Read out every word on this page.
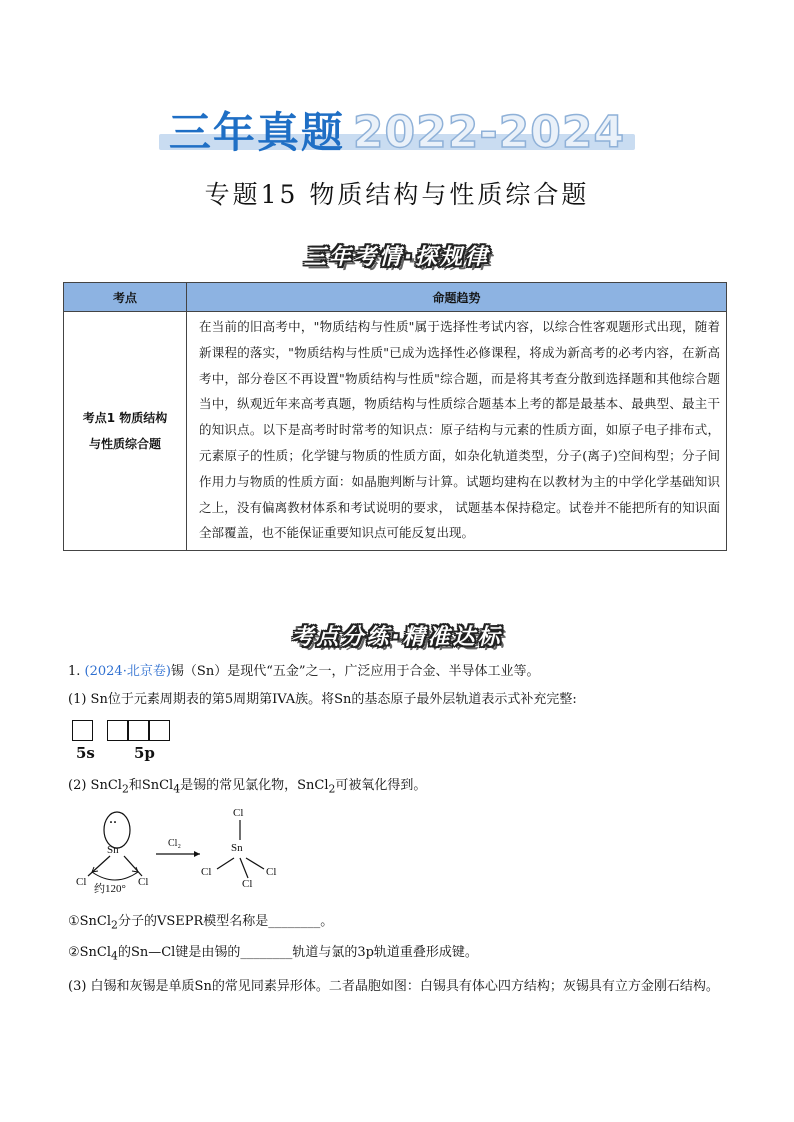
三年真题 2022-2024
专题15 物质结构与性质综合题
三年考情·探规律
考点	命题趋势

考点1 物质结构
与性质综合题	在当前的旧高考中，"物质结构与性质"属于选择性考试内容，以综合性客观题形式出现，随着新课程的落实，"物质结构与性质"已成为选择性必修课程，将成为新高考的必考内容，在新高考中，部分卷区不再设置"物质结构与性质"综合题，而是将其考查分散到选择题和其他综合题当中，纵观近年来高考真题，物质结构与性质综合题基本上考的都是最基本、最典型、最主干的知识点。以下是高考时时常考的知识点：原子结构与元素的性质方面，如原子电子排布式，元素原子的性质；化学键与物质的性质方面，如杂化轨道类型，分子(离子)空间构型；分子间作用力与物质的性质方面：如晶胞判断与计算。试题均建构在以教材为主的中学化学基础知识之上，没有偏离教材体系和考试说明的要求， 试题基本保持稳定。试卷并不能把所有的知识面全部覆盖，也不能保证重要知识点可能反复出现。
考点分练·精准达标
1. (2024·北京卷)锡（Sn）是现代“五金”之一，广泛应用于合金、半导体工业等。
(1) Sn位于元素周期表的第5周期第IVA族。将Sn的基态原子最外层轨道表示式补充完整:
5s	5p
(2) SnCl$_2$和SnCl$_4$是锡的常见氯化物，SnCl$_2$可被氧化得到。
··
Sn
Cl	Cl
约120°
Cl₂
Cl
Sn
Cl	Cl
Cl
①SnCl$_2$分子的VSEPR模型名称是________。
②SnCl$_4$的Sn—Cl键是由锡的________轨道与氯的3p轨道重叠形成键。
(3) 白锡和灰锡是单质Sn的常见同素异形体。二者晶胞如图：白锡具有体心四方结构；灰锡具有立方金刚石结构。
